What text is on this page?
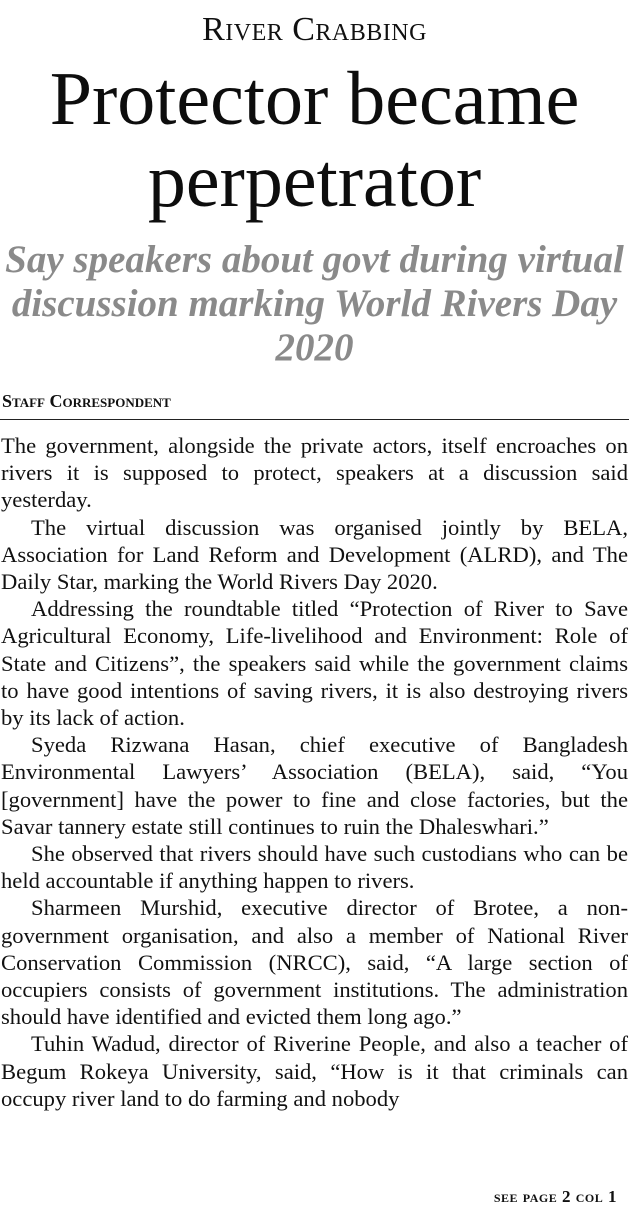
River Crabbing
Protector became perpetrator
Say speakers about govt during virtual discussion marking World Rivers Day 2020
Staff Correspondent

The government, alongside the private actors, itself encroaches on rivers it is supposed to protect, speakers at a discussion said yesterday.

The virtual discussion was organised jointly by BELA, Association for Land Reform and Development (ALRD), and The Daily Star, marking the World Rivers Day 2020.

Addressing the roundtable titled “Protection of River to Save Agricultural Economy, Life-livelihood and Environment: Role of State and Citizens”, the speakers said while the government claims to have good intentions of saving rivers, it is also destroying rivers by its lack of action.

Syeda Rizwana Hasan, chief executive of Bangladesh Environmental Lawyers’ Association (BELA), said, “You [government] have the power to fine and close factories, but the Savar tannery estate still continues to ruin the Dhaleswhari.”

She observed that rivers should have such custodians who can be held accountable if anything happen to rivers.

Sharmeen Murshid, executive director of Brotee, a non-government organisation, and also a member of National River Conservation Commission (NRCC), said, “A large section of occupiers consists of government institutions. The administration should have identified and evicted them long ago.”

Tuhin Wadud, director of Riverine People, and also a teacher of Begum Rokeya University, said, “How is it that criminals can occupy river land to do farming and nobody

see page 2 col 1
